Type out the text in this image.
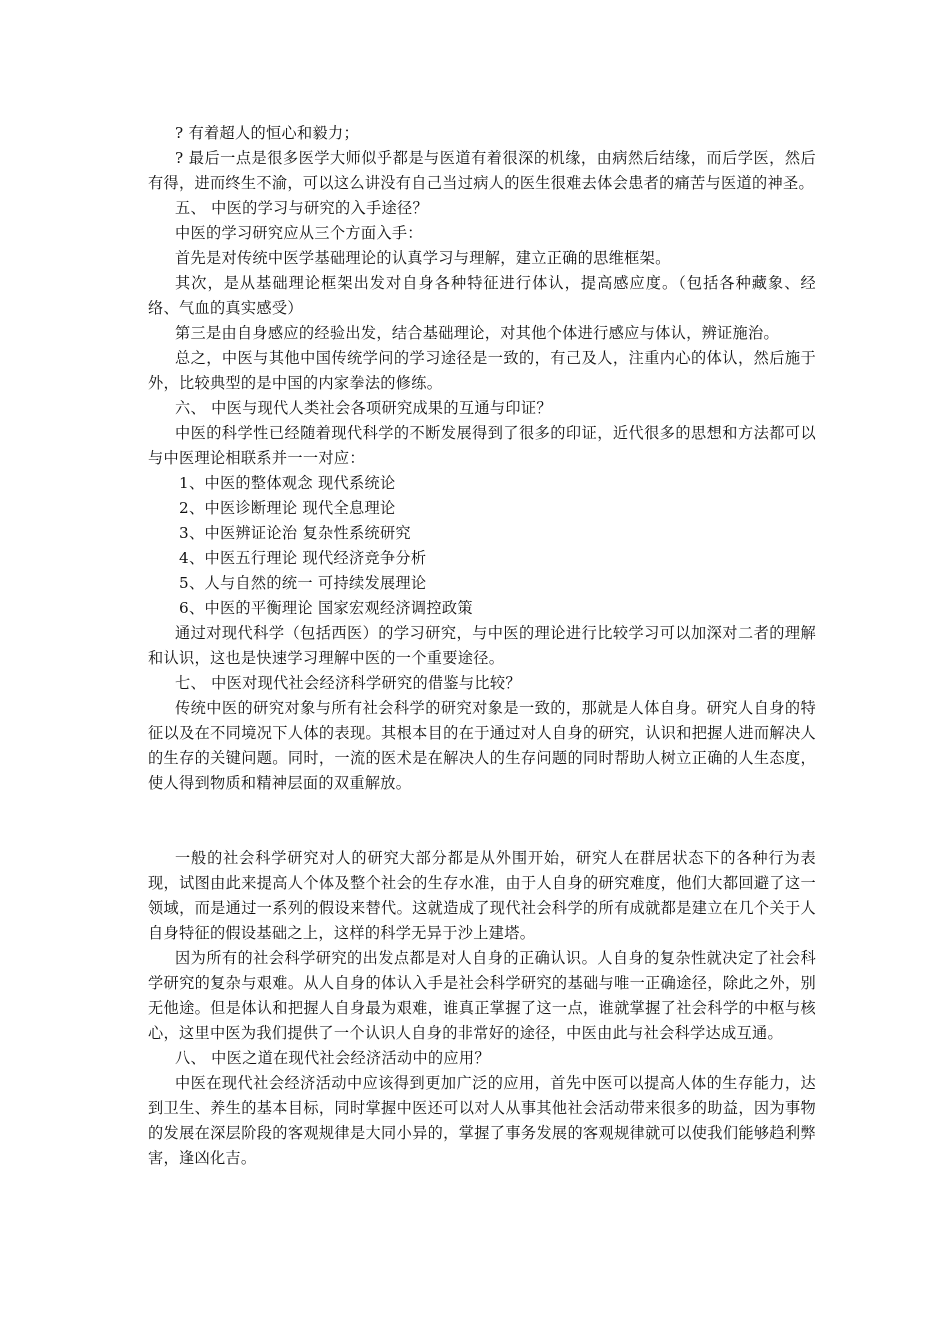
? 有着超人的恒心和毅力；

? 最后一点是很多医学大师似乎都是与医道有着很深的机缘，由病然后结缘，而后学医，然后有得，进而终生不渝，可以这么讲没有自己当过病人的医生很难去体会患者的痛苦与医道的神圣。

五、 中医的学习与研究的入手途径？

中医的学习研究应从三个方面入手：

首先是对传统中医学基础理论的认真学习与理解，建立正确的思维框架。

其次，是从基础理论框架出发对自身各种特征进行体认，提高感应度。（包括各种藏象、经络、气血的真实感受）

第三是由自身感应的经验出发，结合基础理论，对其他个体进行感应与体认，辨证施治。

总之，中医与其他中国传统学问的学习途径是一致的，有己及人，注重内心的体认，然后施于外，比较典型的是中国的内家拳法的修练。

六、 中医与现代人类社会各项研究成果的互通与印证？

中医的科学性已经随着现代科学的不断发展得到了很多的印证，近代很多的思想和方法都可以与中医理论相联系并一一对应：

1、中医的整体观念 现代系统论

2、中医诊断理论 现代全息理论

3、中医辨证论治 复杂性系统研究

4、中医五行理论 现代经济竞争分析

5、人与自然的统一 可持续发展理论

6、中医的平衡理论 国家宏观经济调控政策

通过对现代科学（包括西医）的学习研究，与中医的理论进行比较学习可以加深对二者的理解和认识，这也是快速学习理解中医的一个重要途径。

七、 中医对现代社会经济科学研究的借鉴与比较？

传统中医的研究对象与所有社会科学的研究对象是一致的，那就是人体自身。研究人自身的特征以及在不同境况下人体的表现。其根本目的在于通过对人自身的研究，认识和把握人进而解决人的生存的关键问题。同时，一流的医术是在解决人的生存问题的同时帮助人树立正确的人生态度，使人得到物质和精神层面的双重解放。

一般的社会科学研究对人的研究大部分都是从外围开始，研究人在群居状态下的各种行为表现，试图由此来提高人个体及整个社会的生存水准，由于人自身的研究难度，他们大都回避了这一领域，而是通过一系列的假设来替代。这就造成了现代社会科学的所有成就都是建立在几个关于人自身特征的假设基础之上，这样的科学无异于沙上建塔。

因为所有的社会科学研究的出发点都是对人自身的正确认识。人自身的复杂性就决定了社会科学研究的复杂与艰难。从人自身的体认入手是社会科学研究的基础与唯一正确途径，除此之外，别无他途。但是体认和把握人自身最为艰难，谁真正掌握了这一点，谁就掌握了社会科学的中枢与核心，这里中医为我们提供了一个认识人自身的非常好的途径，中医由此与社会科学达成互通。

八、 中医之道在现代社会经济活动中的应用？

中医在现代社会经济活动中应该得到更加广泛的应用，首先中医可以提高人体的生存能力，达到卫生、养生的基本目标，同时掌握中医还可以对人从事其他社会活动带来很多的助益，因为事物的发展在深层阶段的客观规律是大同小异的，掌握了事务发展的客观规律就可以使我们能够趋利弊害，逢凶化吉。
